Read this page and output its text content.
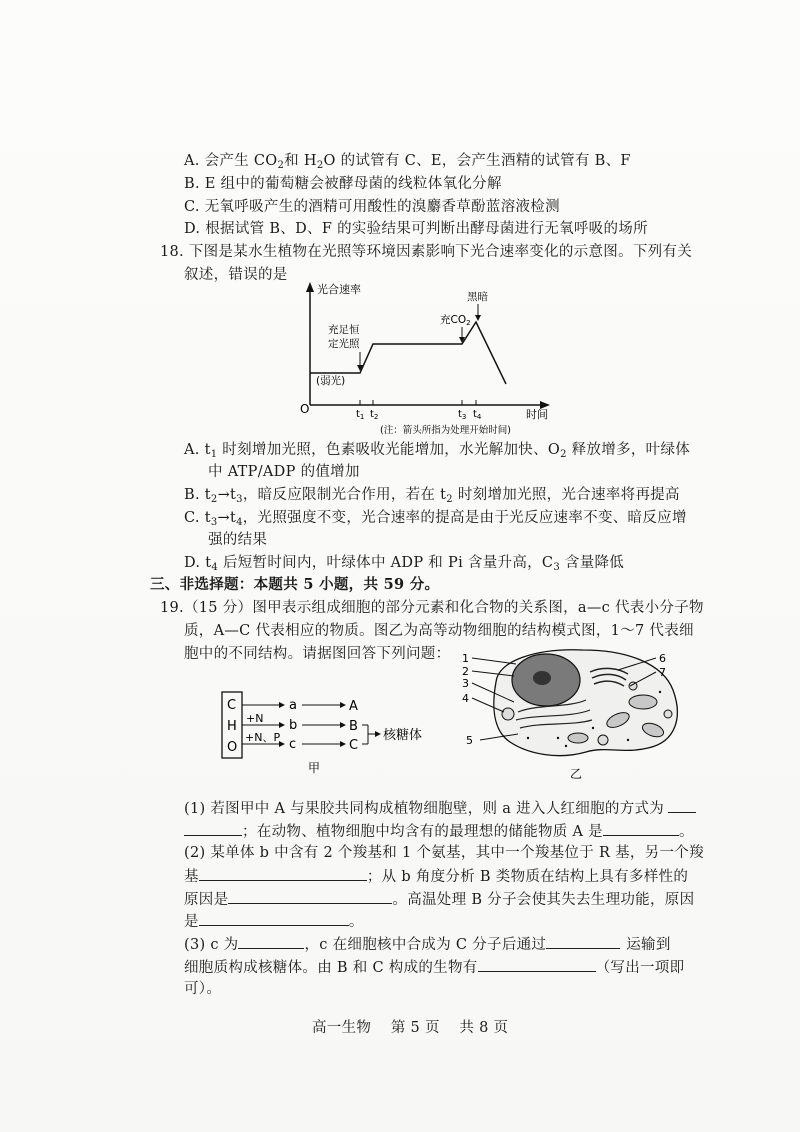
A. 会产生 $CO_2$和 $H_2O$ 的试管有 C、E，会产生酒精的试管有 B、F
B. E 组中的葡萄糖会被酵母菌的线粒体氧化分解
C. 无氧呼吸产生的酒精可用酸性的溴麝香草酚蓝溶液检测
D. 根据试管 B、D、F 的实验结果可判断出酵母菌进行无氧呼吸的场所
18. 下图是某水生植物在光照等环境因素影响下光合速率变化的示意图。下列有关
叙述，错误的是
光合速率
时间
O	$t_1$ $t_2$	$t_3$ $t_4$
(弱光)
充足恒
定光照
充CO2
黑暗
(注：箭头所指为处理开始时间)
A. $t_1$ 时刻增加光照，色素吸收光能增加，水光解加快、$O_2$ 释放增多，叶绿体
中 ATP/ADP 的值增加
B. $t_2\to t_3$，暗反应限制光合作用，若在 $t_2$ 时刻增加光照，光合速率将再提高
C. $t_3\to t_4$，光照强度不变，光合速率的提高是由于光反应速率不变、暗反应增
强的结果
D. $t_4$ 后短暂时间内，叶绿体中 ADP 和 Pi 含量升高，$C_3$ 含量降低
三、非选择题：本题共 5 小题，共 59 分。
19.（15 分）图甲表示组成细胞的部分元素和化合物的关系图，a—c 代表小分子物
质，A—C 代表相应的物质。图乙为高等动物细胞的结构模式图，1～7 代表细
胞中的不同结构。请据图回答下列问题：
C
H
O
+N
+N、P
a
b
c
A
B
C
核糖体
甲
1
2
3
4
5
6
7
乙
(1) 若图甲中 A 与果胶共同构成植物细胞壁，则 a 进入人红细胞的方式为
；在动物、植物细胞中均含有的最理想的储能物质 A 是	。
(2) 某单体 b 中含有 2 个羧基和 1 个氨基，其中一个羧基位于 R 基，另一个羧
基	；从 b 角度分析 B 类物质在结构上具有多样性的
原因是	。高温处理 B 分子会使其失去生理功能，原因
是	。
(3) c 为	，c 在细胞核中合成为 C 分子后通过	运输到
细胞质构成核糖体。由 B 和 C 构成的生物有	（写出一项即
可）。
高一生物    第 5 页    共 8 页
